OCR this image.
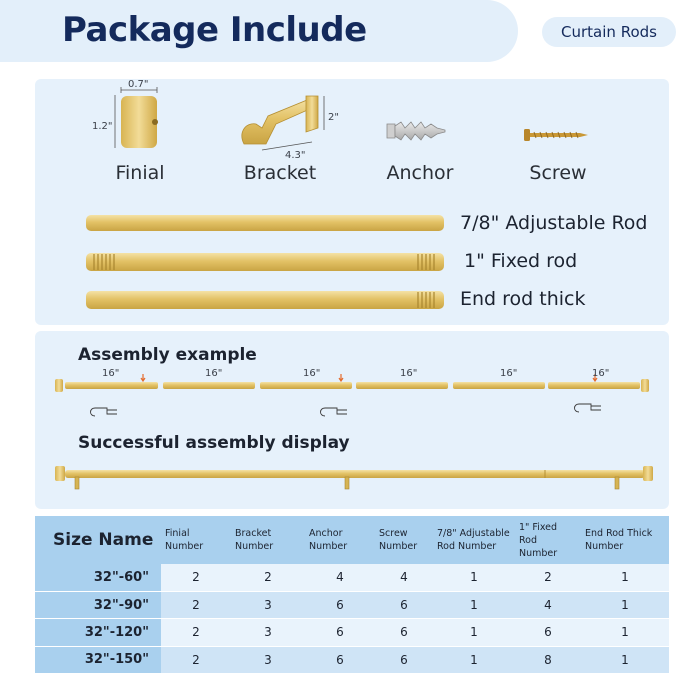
Package Include	Curtain Rods
0.7"
1.2"
Finial
2"
4.3"
Bracket	Anchor	Screw
7/8" Adjustable Rod
1" Fixed rod
End rod thick
Assembly example
16"	16"	16"	16"	16"	16"
Successful assembly display
Size Name	Finial Number	Bracket Number	Anchor Number	Screw Number	7/8" Adjustable Rod Number	1" Fixed Rod Number	End Rod Thick Number
32"-60"	2	2	4	4	1	2	1
32"-90"	2	3	6	6	1	4	1
32"-120"	2	3	6	6	1	6	1
32"-150"	2	3	6	6	1	8	1
